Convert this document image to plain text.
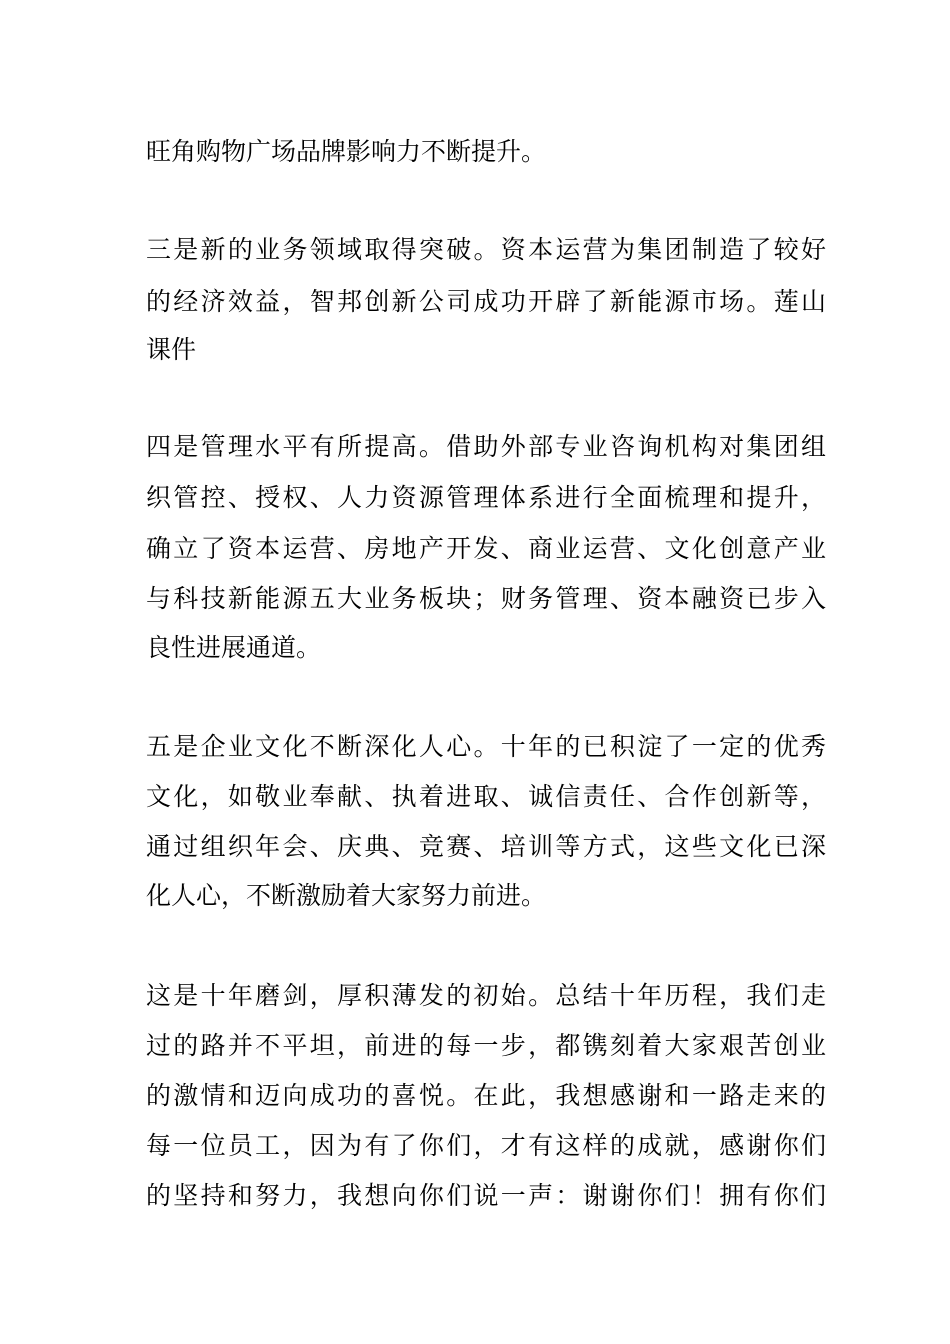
旺角购物广场品牌影响力不断提升。
三是新的业务领域取得突破。资本运营为集团制造了较好
的经济效益，智邦创新公司成功开辟了新能源市场。莲山
课件
四是管理水平有所提高。借助外部专业咨询机构对集团组
织管控、授权、人力资源管理体系进行全面梳理和提升，
确立了资本运营、房地产开发、商业运营、文化创意产业
与科技新能源五大业务板块；财务管理、资本融资已步入
良性进展通道。
五是企业文化不断深化人心。十年的已积淀了一定的优秀
文化，如敬业奉献、执着进取、诚信责任、合作创新等，
通过组织年会、庆典、竞赛、培训等方式，这些文化已深
化人心，不断激励着大家努力前进。
这是十年磨剑，厚积薄发的初始。总结十年历程，我们走
过的路并不平坦，前进的每一步，都镌刻着大家艰苦创业
的激情和迈向成功的喜悦。在此，我想感谢和一路走来的
每一位员工，因为有了你们，才有这样的成就，感谢你们
的坚持和努力，我想向你们说一声：谢谢你们！拥有你们
